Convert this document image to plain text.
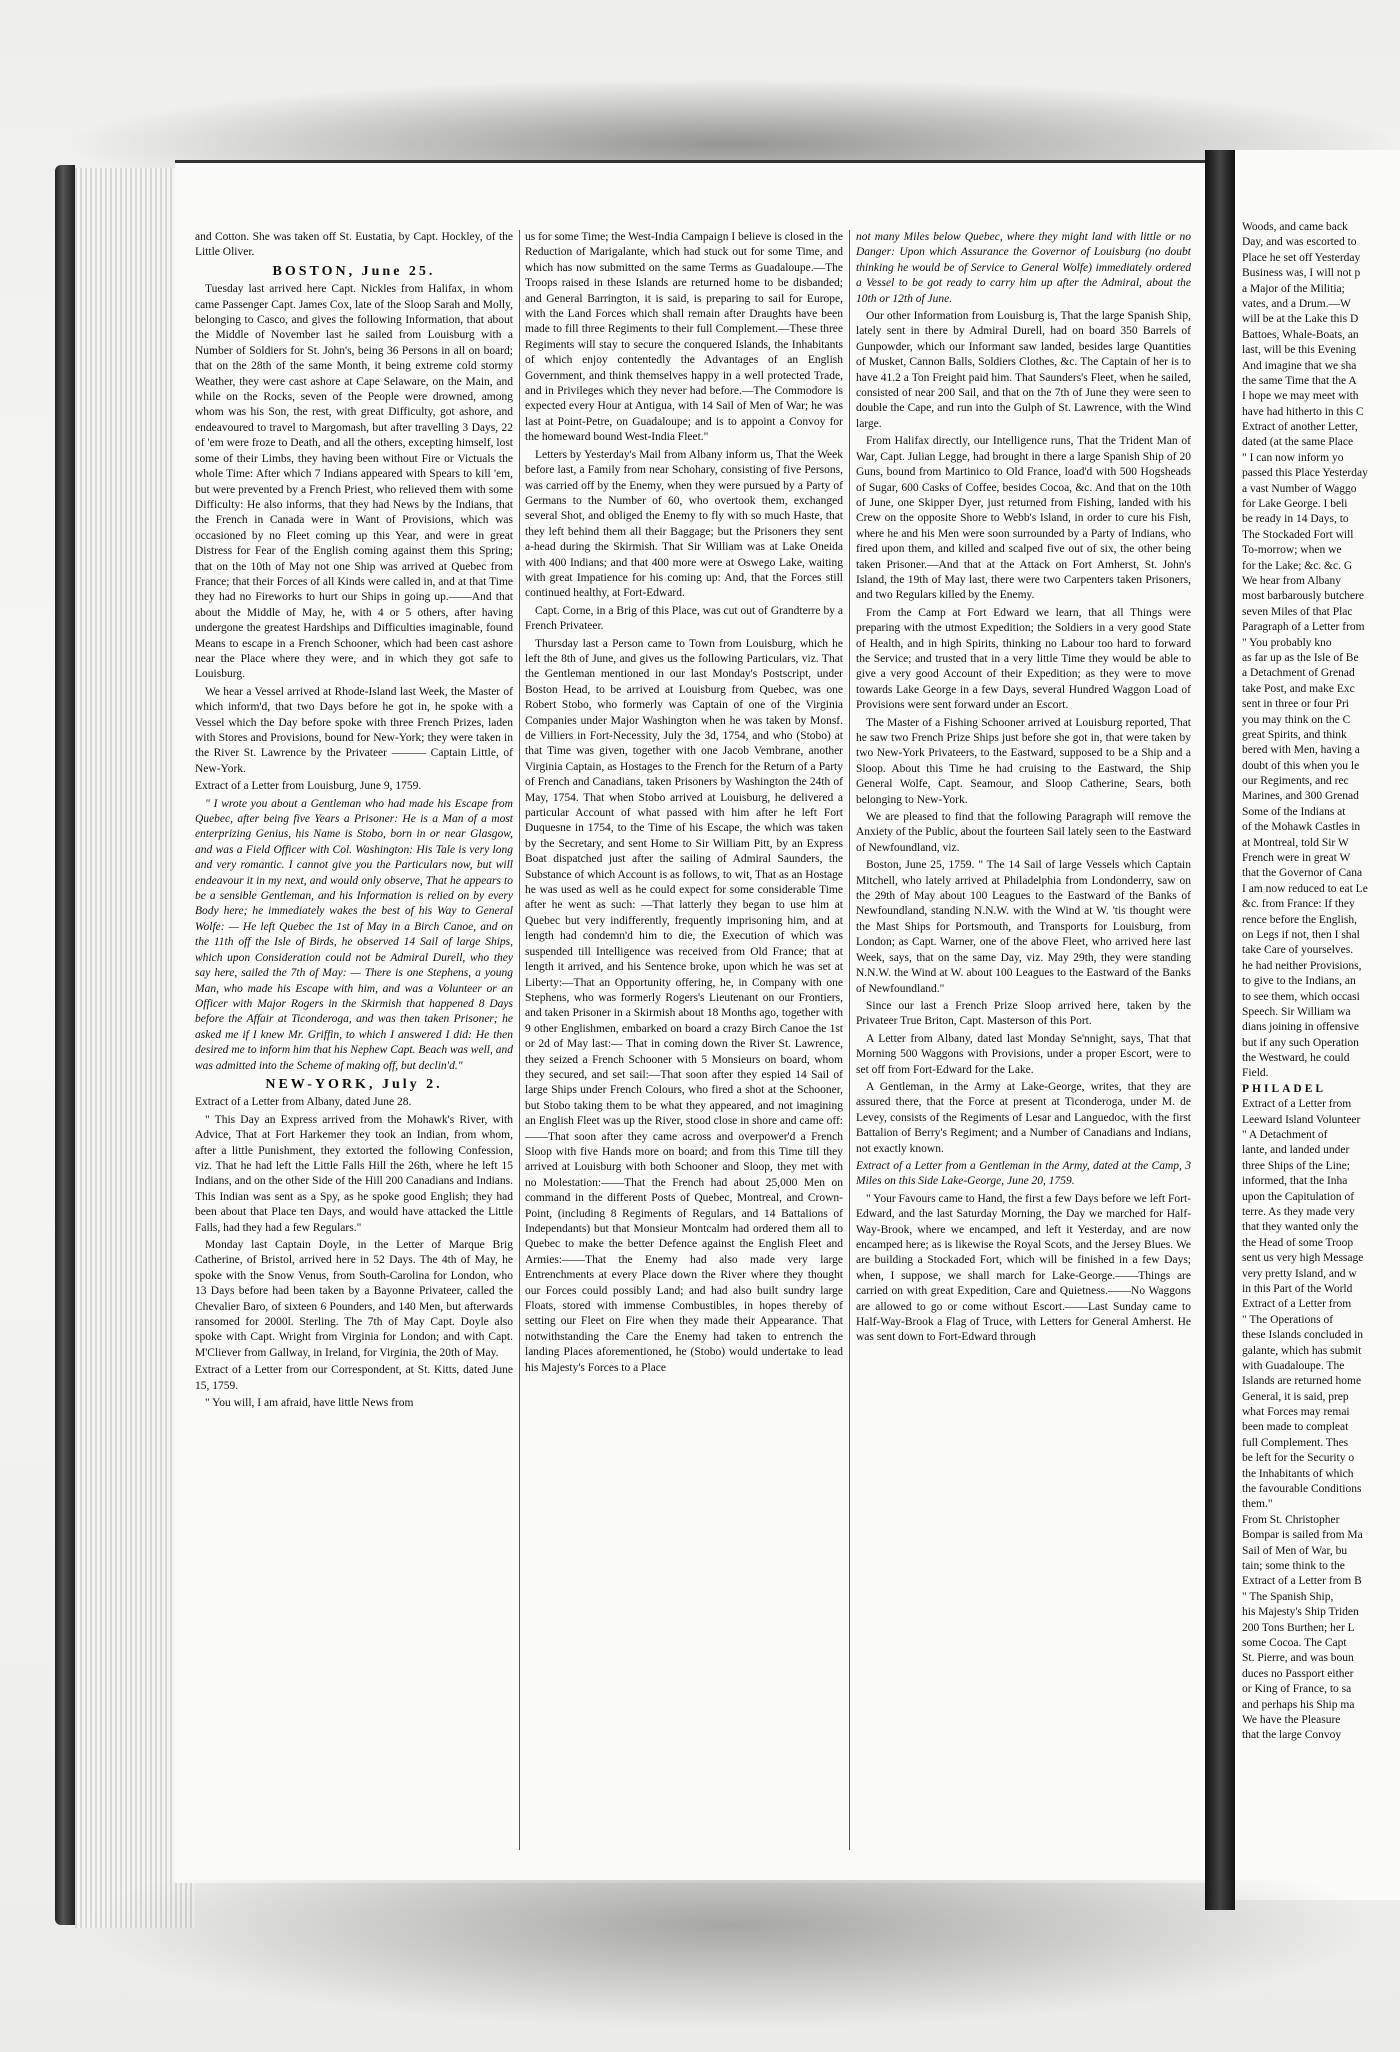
and Cotton. She was taken off St. Eustatia, by Capt. Hockley, of the Little Oliver.

BOSTON, June 25.

Tuesday last arrived here Capt. Nickles from Halifax, in whom came Passenger Capt. James Cox, late of the Sloop Sarah and Molly, belonging to Casco, and gives the following Information, that about the Middle of November last he sailed from Louisburg with a Number of Soldiers for St. John's, being 36 Persons in all on board; that on the 28th of the same Month, it being extreme cold stormy Weather, they were cast ashore at Cape Selaware, on the Main, and while on the Rocks, seven of the People were drowned, among whom was his Son, the rest, with great Difficulty, got ashore, and endeavoured to travel to Margomash, but after travelling 3 Days, 22 of 'em were froze to Death, and all the others, excepting himself, lost some of their Limbs, they having been without Fire or Victuals the whole Time: After which 7 Indians appeared with Spears to kill 'em, but were prevented by a French Priest, who relieved them with some Difficulty: He also informs, that they had News by the Indians, that the French in Canada were in Want of Provisions, which was occasioned by no Fleet coming up this Year, and were in great Distress for Fear of the English coming against them this Spring; that on the 10th of May not one Ship was arrived at Quebec from France; that their Forces of all Kinds were called in, and at that Time they had no Fireworks to hurt our Ships in going up.——And that about the Middle of May, he, with 4 or 5 others, after having undergone the greatest Hardships and Difficulties imaginable, found Means to escape in a French Schooner, which had been cast ashore near the Place where they were, and in which they got safe to Louisburg.

We hear a Vessel arrived at Rhode-Island last Week, the Master of which inform'd, that two Days before he got in, he spoke with a Vessel which the Day before spoke with three French Prizes, laden with Stores and Provisions, bound for New-York; they were taken in the River St. Lawrence by the Privateer ——— Captain Little, of New-York.

Extract of a Letter from Louisburg, June 9, 1759.

" I wrote you about a Gentleman who had made his Escape from Quebec, after being five Years a Prisoner: He is a Man of a most enterprizing Genius, his Name is Stobo, born in or near Glasgow, and was a Field Officer with Col. Washington: His Tale is very long and very romantic. I cannot give you the Particulars now, but will endeavour it in my next, and would only observe, That he appears to be a sensible Gentleman, and his Information is relied on by every Body here; he immediately wakes the best of his Way to General Wolfe: — He left Quebec the 1st of May in a Birch Canoe, and on the 11th off the Isle of Birds, he observed 14 Sail of large Ships, which upon Consideration could not be Admiral Durell, who they say here, sailed the 7th of May: — There is one Stephens, a young Man, who made his Escape with him, and was a Volunteer or an Officer with Major Rogers in the Skirmish that happened 8 Days before the Affair at Ticonderoga, and was then taken Prisoner; he asked me if I knew Mr. Griffin, to which I answered I did: He then desired me to inform him that his Nephew Capt. Beach was well, and was admitted into the Scheme of making off, but declin'd."

NEW-YORK, July 2.

Extract of a Letter from Albany, dated June 28.

" This Day an Express arrived from the Mohawk's River, with Advice, That at Fort Harkemer they took an Indian, from whom, after a little Punishment, they extorted the following Confession, viz. That he had left the Little Falls Hill the 26th, where he left 15 Indians, and on the other Side of the Hill 200 Canadians and Indians. This Indian was sent as a Spy, as he spoke good English; they had been about that Place ten Days, and would have attacked the Little Falls, had they had a few Regulars."

Monday last Captain Doyle, in the Letter of Marque Brig Catherine, of Bristol, arrived here in 52 Days. The 4th of May, he spoke with the Snow Venus, from South-Carolina for London, who 13 Days before had been taken by a Bayonne Privateer, called the Chevalier Baro, of sixteen 6 Pounders, and 140 Men, but afterwards ransomed for 2000l. Sterling. The 7th of May Capt. Doyle also spoke with Capt. Wright from Virginia for London; and with Capt. M'Cliever from Gallway, in Ireland, for Virginia, the 20th of May.

Extract of a Letter from our Correspondent, at St. Kitts, dated June 15, 1759.

" You will, I am afraid, have little News from

us for some Time; the West-India Campaign I believe is closed in the Reduction of Marigalante, which had stuck out for some Time, and which has now submitted on the same Terms as Guadaloupe.—The Troops raised in these Islands are returned home to be disbanded; and General Barrington, it is said, is preparing to sail for Europe, with the Land Forces which shall remain after Draughts have been made to fill three Regiments to their full Complement.—These three Regiments will stay to secure the conquered Islands, the Inhabitants of which enjoy contentedly the Advantages of an English Government, and think themselves happy in a well protected Trade, and in Privileges which they never had before.—The Commodore is expected every Hour at Antigua, with 14 Sail of Men of War; he was last at Point-Petre, on Guadaloupe; and is to appoint a Convoy for the homeward bound West-India Fleet."

Letters by Yesterday's Mail from Albany inform us, That the Week before last, a Family from near Schohary, consisting of five Persons, was carried off by the Enemy, when they were pursued by a Party of Germans to the Number of 60, who overtook them, exchanged several Shot, and obliged the Enemy to fly with so much Haste, that they left behind them all their Baggage; but the Prisoners they sent a-head during the Skirmish. That Sir William was at Lake Oneida with 400 Indians; and that 400 more were at Oswego Lake, waiting with great Impatience for his coming up: And, that the Forces still continued healthy, at Fort-Edward.

Capt. Corne, in a Brig of this Place, was cut out of Grandterre by a French Privateer.

Thursday last a Person came to Town from Louisburg, which he left the 8th of June, and gives us the following Particulars, viz. That the Gentleman mentioned in our last Monday's Postscript, under Boston Head, to be arrived at Louisburg from Quebec, was one Robert Stobo, who formerly was Captain of one of the Virginia Companies under Major Washington when he was taken by Monsf. de Villiers in Fort-Necessity, July the 3d, 1754, and who (Stobo) at that Time was given, together with one Jacob Vembrane, another Virginia Captain, as Hostages to the French for the Return of a Party of French and Canadians, taken Prisoners by Washington the 24th of May, 1754. That when Stobo arrived at Louisburg, he delivered a particular Account of what passed with him after he left Fort Duquesne in 1754, to the Time of his Escape, the which was taken by the Secretary, and sent Home to Sir William Pitt, by an Express Boat dispatched just after the sailing of Admiral Saunders, the Substance of which Account is as follows, to wit, That as an Hostage he was used as well as he could expect for some considerable Time after he went as such: —That latterly they began to use him at Quebec but very indifferently, frequently imprisoning him, and at length had condemn'd him to die, the Execution of which was suspended till Intelligence was received from Old France; that at length it arrived, and his Sentence broke, upon which he was set at Liberty:—That an Opportunity offering, he, in Company with one Stephens, who was formerly Rogers's Lieutenant on our Frontiers, and taken Prisoner in a Skirmish about 18 Months ago, together with 9 other Englishmen, embarked on board a crazy Birch Canoe the 1st or 2d of May last:— That in coming down the River St. Lawrence, they seized a French Schooner with 5 Monsieurs on board, whom they secured, and set sail:—That soon after they espied 14 Sail of large Ships under French Colours, who fired a shot at the Schooner, but Stobo taking them to be what they appeared, and not imagining an English Fleet was up the River, stood close in shore and came off:——That soon after they came across and overpower'd a French Sloop with five Hands more on board; and from this Time till they arrived at Louisburg with both Schooner and Sloop, they met with no Molestation:——That the French had about 25,000 Men on command in the different Posts of Quebec, Montreal, and Crown-Point, (including 8 Regiments of Regulars, and 14 Battalions of Independants) but that Monsieur Montcalm had ordered them all to Quebec to make the better Defence against the English Fleet and Armies:——That the Enemy had also made very large Entrenchments at every Place down the River where they thought our Forces could possibly Land; and had also built sundry large Floats, stored with immense Combustibles, in hopes thereby of setting our Fleet on Fire when they made their Appearance. That notwithstanding the Care the Enemy had taken to entrench the landing Places aforementioned, he (Stobo) would undertake to lead his Majesty's Forces to a Place

not many Miles below Quebec, where they might land with little or no Danger: Upon which Assurance the Governor of Louisburg (no doubt thinking he would be of Service to General Wolfe) immediately ordered a Vessel to be got ready to carry him up after the Admiral, about the 10th or 12th of June.

Our other Information from Louisburg is, That the large Spanish Ship, lately sent in there by Admiral Durell, had on board 350 Barrels of Gunpowder, which our Informant saw landed, besides large Quantities of Musket, Cannon Balls, Soldiers Clothes, &c. The Captain of her is to have 41.2 a Ton Freight paid him. That Saunders's Fleet, when he sailed, consisted of near 200 Sail, and that on the 7th of June they were seen to double the Cape, and run into the Gulph of St. Lawrence, with the Wind large.

From Halifax directly, our Intelligence runs, That the Trident Man of War, Capt. Julian Legge, had brought in there a large Spanish Ship of 20 Guns, bound from Martinico to Old France, load'd with 500 Hogsheads of Sugar, 600 Casks of Coffee, besides Cocoa, &c. And that on the 10th of June, one Skipper Dyer, just returned from Fishing, landed with his Crew on the opposite Shore to Webb's Island, in order to cure his Fish, where he and his Men were soon surrounded by a Party of Indians, who fired upon them, and killed and scalped five out of six, the other being taken Prisoner.—And that at the Attack on Fort Amherst, St. John's Island, the 19th of May last, there were two Carpenters taken Prisoners, and two Regulars killed by the Enemy.

From the Camp at Fort Edward we learn, that all Things were preparing with the utmost Expedition; the Soldiers in a very good State of Health, and in high Spirits, thinking no Labour too hard to forward the Service; and trusted that in a very little Time they would be able to give a very good Account of their Expedition; as they were to move towards Lake George in a few Days, several Hundred Waggon Load of Provisions were sent forward under an Escort.

The Master of a Fishing Schooner arrived at Louisburg reported, That he saw two French Prize Ships just before she got in, that were taken by two New-York Privateers, to the Eastward, supposed to be a Ship and a Sloop. About this Time he had cruising to the Eastward, the Ship General Wolfe, Capt. Seamour, and Sloop Catherine, Sears, both belonging to New-York.

We are pleased to find that the following Paragraph will remove the Anxiety of the Public, about the fourteen Sail lately seen to the Eastward of Newfoundland, viz.

Boston, June 25, 1759. " The 14 Sail of large Vessels which Captain Mitchell, who lately arrived at Philadelphia from Londonderry, saw on the 29th of May about 100 Leagues to the Eastward of the Banks of Newfoundland, standing N.N.W. with the Wind at W. 'tis thought were the Mast Ships for Portsmouth, and Transports for Louisburg, from London; as Capt. Warner, one of the above Fleet, who arrived here last Week, says, that on the same Day, viz. May 29th, they were standing N.N.W. the Wind at W. about 100 Leagues to the Eastward of the Banks of Newfoundland."

Since our last a French Prize Sloop arrived here, taken by the Privateer True Briton, Capt. Masterson of this Port.

A Letter from Albany, dated last Monday Se'nnight, says, That that Morning 500 Waggons with Provisions, under a proper Escort, were to set off from Fort-Edward for the Lake.

A Gentleman, in the Army at Lake-George, writes, that they are assured there, that the Force at present at Ticonderoga, under M. de Levey, consists of the Regiments of Lesar and Languedoc, with the first Battalion of Berry's Regiment; and a Number of Canadians and Indians, not exactly known.

Extract of a Letter from a Gentleman in the Army, dated at the Camp, 3 Miles on this Side Lake-George, June 20, 1759.

" Your Favours came to Hand, the first a few Days before we left Fort-Edward, and the last Saturday Morning, the Day we marched for Half-Way-Brook, where we encamped, and left it Yesterday, and are now encamped here; as is likewise the Royal Scots, and the Jersey Blues. We are building a Stockaded Fort, which will be finished in a few Days; when, I suppose, we shall march for Lake-George.——Things are carried on with great Expedition, Care and Quietness.——No Waggons are allowed to go or come without Escort.——Last Sunday came to Half-Way-Brook a Flag of Truce, with Letters for General Amherst. He was sent down to Fort-Edward through

Woods, and came back
Day, and was escorted to
Place he set off Yesterday
Business was, I will not p
a Major of the Militia;
vates, and a Drum.—W
will be at the Lake this D
Battoes, Whale-Boats, an
last, will be this Evening
And imagine that we sha
the same Time that the A
I hope we may meet with
have had hitherto in this C
Extract of another Letter,
dated (at the same Place
" I can now inform yo
passed this Place Yesterday
a vast Number of Waggo
for Lake George. I beli
be ready in 14 Days, to
The Stockaded Fort will
To-morrow; when we
for the Lake; &c. &c. G
We hear from Albany
most barbarously butchere
seven Miles of that Plac
Paragraph of a Letter from
" You probably kno
as far up as the Isle of Be
a Detachment of Grenad
take Post, and make Exc
sent in three or four Pri
you may think on the C
great Spirits, and think
bered with Men, having a
doubt of this when you le
our Regiments, and rec
Marines, and 300 Grenad
Some of the Indians at
of the Mohawk Castles in
at Montreal, told Sir W
French were in great W
that the Governor of Cana
I am now reduced to eat Le
&c. from France: If they
rence before the English,
on Legs if not, then I shal
take Care of yourselves.
he had neither Provisions,
to give to the Indians, an
to see them, which occasi
Speech. Sir William wa
dians joining in offensive
but if any such Operation
the Westward, he could
Field.
PHILADEL
Extract of a Letter from
Leeward Island Volunteer
" A Detachment of
lante, and landed under
three Ships of the Line;
informed, that the Inha
upon the Capitulation of
terre. As they made very
that they wanted only the
the Head of some Troop
sent us very high Message
very pretty Island, and w
in this Part of the World
Extract of a Letter from
" The Operations of
these Islands concluded in
galante, which has submit
with Guadaloupe. The
Islands are returned home
General, it is said, prep
what Forces may remai
been made to compleat
full Complement. Thes
be left for the Security o
the Inhabitants of which
the favourable Conditions
them."
From St. Christopher
Bompar is sailed from Ma
Sail of Men of War, bu
tain; some think to the
Extract of a Letter from B
" The Spanish Ship,
his Majesty's Ship Triden
200 Tons Burthen; her L
some Cocoa. The Capt
St. Pierre, and was boun
duces no Passport either
or King of France, to sa
and perhaps his Ship ma
We have the Pleasure
that the large Convoy
